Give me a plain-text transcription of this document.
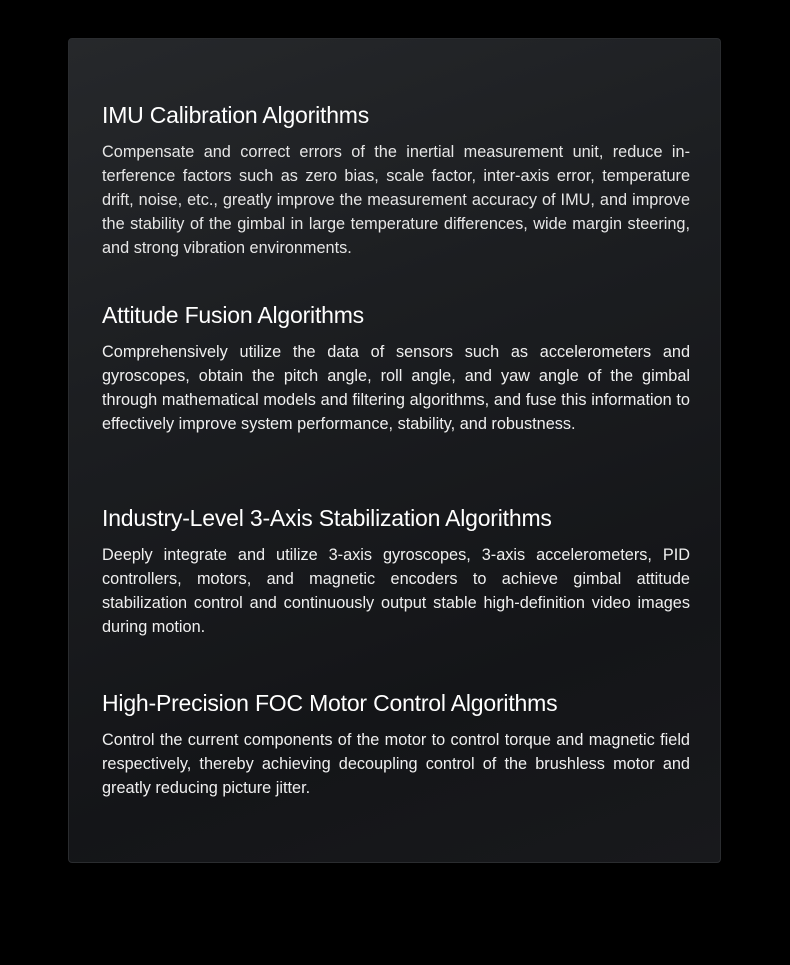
IMU Calibration Algorithms

Compensate and correct errors of the inertial measurement unit, reduce interference factors such as zero bias, scale factor, inter-axis error, temperature drift, noise, etc., greatly improve the measurement accuracy of IMU, and improve the stability of the gimbal in large temperature differences, wide margin steering, and strong vibration environments.

Attitude Fusion Algorithms

Comprehensively utilize the data of sensors such as accelerometers and gyroscopes, obtain the pitch angle, roll angle, and yaw angle of the gimbal through mathematical models and filtering algorithms, and fuse this information to effectively improve system performance, stability, and robustness.

Industry-Level 3-Axis Stabilization Algorithms

Deeply integrate and utilize 3-axis gyroscopes, 3-axis accelerometers, PID controllers, motors, and magnetic encoders to achieve gimbal attitude stabilization control and continuously output stable high-definition video images during motion.

High-Precision FOC Motor Control Algorithms

Control the current components of the motor to control torque and magnetic field respectively, thereby achieving decoupling control of the brushless motor and greatly reducing picture jitter.
